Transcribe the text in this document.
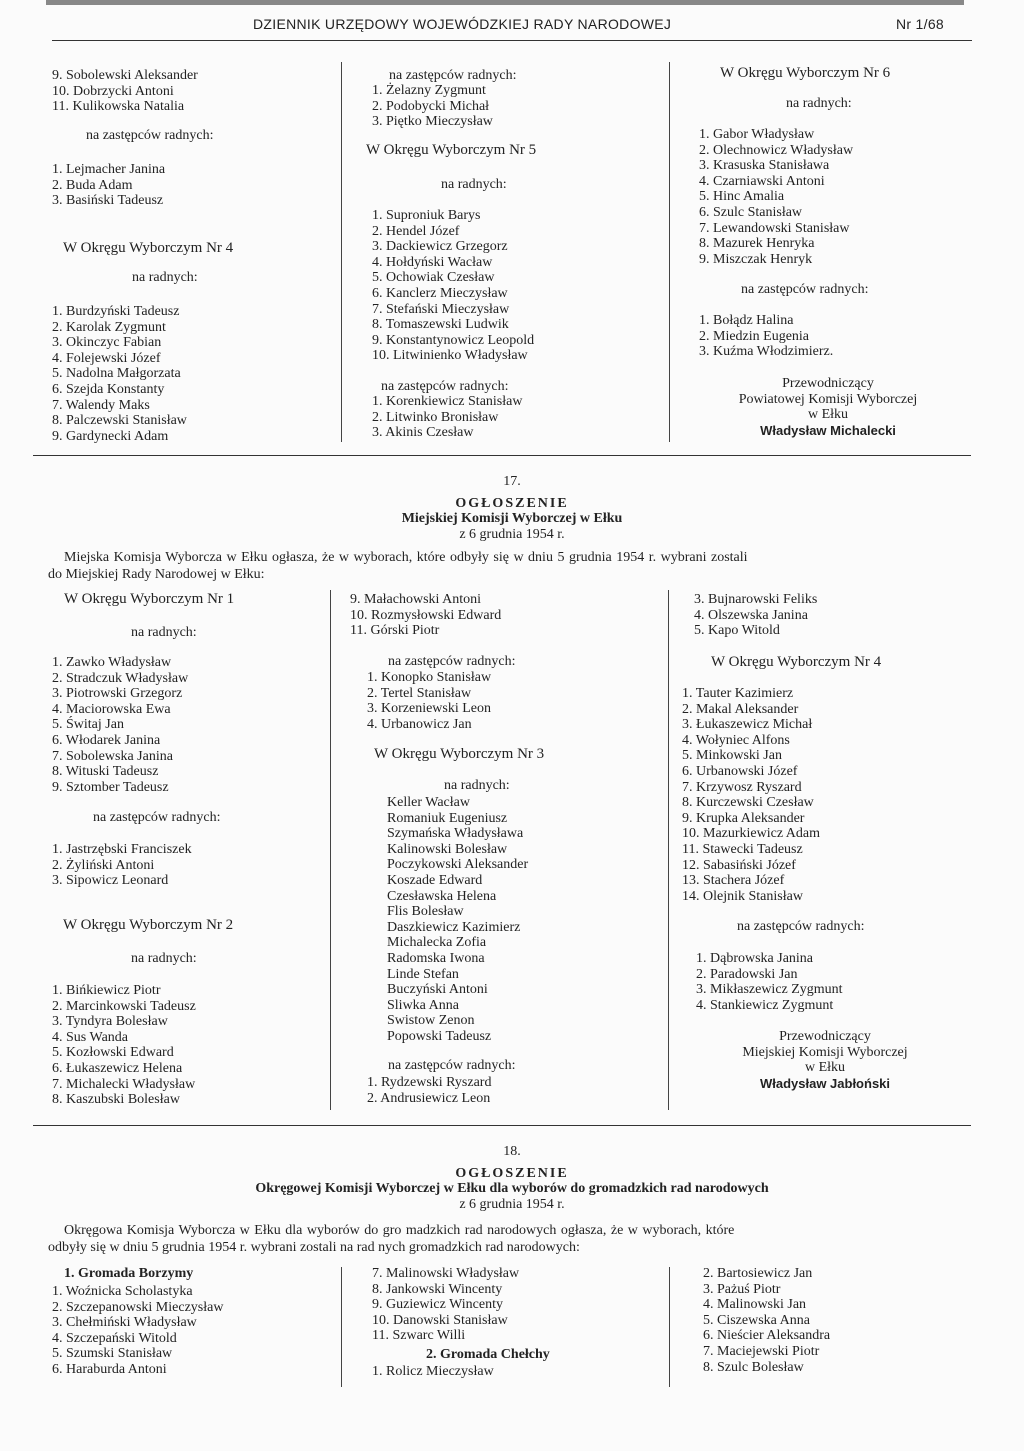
DZIENNIK URZĘDOWY WOJEWÓDZKIEJ RADY NARODOWEJ	Nr 1/68
9. Sobolewski Aleksander
10. Dobrzycki Antoni
11. Kulikowska Natalia
na zastępców radnych:
1. Lejmacher Janina
2. Buda Adam
3. Basiński Tadeusz
W Okręgu Wyborczym Nr 4
na radnych:
1. Burdzyński Tadeusz
2. Karolak Zygmunt
3. Okinczyc Fabian
4. Folejewski Józef
5. Nadolna Małgorzata
6. Szejda Konstanty
7. Walendy Maks
8. Palczewski Stanisław
9. Gardynecki Adam
na zastępców radnych:
1. Żelazny Zygmunt
2. Podobycki Michał
3. Piętko Mieczysław
W Okręgu Wyborczym Nr 5
na radnych:
1. Suproniuk Barys
2. Hendel Józef
3. Dackiewicz Grzegorz
4. Hołdyński Wacław
5. Ochowiak Czesław
6. Kanclerz Mieczysław
7. Stefański Mieczysław
8. Tomaszewski Ludwik
9. Konstantynowicz Leopold
10. Litwinienko Władysław
na zastępców radnych:
1. Korenkiewicz Stanisław
2. Litwinko Bronisław
3. Akinis Czesław
W Okręgu Wyborczym Nr 6
na radnych:
1. Gabor Władysław
2. Olechnowicz Władysław
3. Krasuska Stanisława
4. Czarniawski Antoni
5. Hinc Amalia
6. Szulc Stanisław
7. Lewandowski Stanisław
8. Mazurek Henryka
9. Miszczak Henryk
na zastępców radnych:
1. Bołądz Halina
2. Miedzin Eugenia
3. Kuźma Włodzimierz.
Przewodniczący
Powiatowej Komisji Wyborczej
w Ełku
Władysław Michalecki
17.
OGŁOSZENIE
Miejskiej Komisji Wyborczej w Ełku
z 6 grudnia 1954 r.
Miejska Komisja Wyborcza w Ełku ogłasza, że w wyborach, które odbyły się w dniu 5 grudnia 1954 r. wybrani zostali
do Miejskiej Rady Narodowej w Ełku:
W Okręgu Wyborczym Nr 1
na radnych:
1. Zawko Władysław
2. Stradczuk Władysław
3. Piotrowski Grzegorz
4. Maciorowska Ewa
5. Świtaj Jan
6. Włodarek Janina
7. Sobolewska Janina
8. Wituski Tadeusz
9. Sztomber Tadeusz
na zastępców radnych:
1. Jastrzębski Franciszek
2. Żyliński Antoni
3. Sipowicz Leonard
W Okręgu Wyborczym Nr 2
na radnych:
1. Bińkiewicz Piotr
2. Marcinkowski Tadeusz
3. Tyndyra Bolesław
4. Sus Wanda
5. Kozłowski Edward
6. Łukaszewicz Helena
7. Michalecki Władysław
8. Kaszubski Bolesław
9. Małachowski Antoni
10. Rozmysłowski Edward
11. Górski Piotr
na zastępców radnych:
1. Konopko Stanisław
2. Tertel Stanisław
3. Korzeniewski Leon
4. Urbanowicz Jan
W Okręgu Wyborczym Nr 3
na radnych:
Keller Wacław
Romaniuk Eugeniusz
Szymańska Władysława
Kalinowski Bolesław
Poczykowski Aleksander
Koszade Edward
Czesławska Helena
Flis Bolesław
Daszkiewicz Kazimierz
Michalecka Zofia
Radomska Iwona
Linde Stefan
Buczyński Antoni
Sliwka Anna
Swistow Zenon
Popowski Tadeusz
na zastępców radnych:
1. Rydzewski Ryszard
2. Andrusiewicz Leon
3. Bujnarowski Feliks
4. Olszewska Janina
5. Kapo Witold
W Okręgu Wyborczym Nr 4
1. Tauter Kazimierz
2. Makal Aleksander
3. Łukaszewicz Michał
4. Wołyniec Alfons
5. Minkowski Jan
6. Urbanowski Józef
7. Krzywosz Ryszard
8. Kurczewski Czesław
9. Krupka Aleksander
10. Mazurkiewicz Adam
11. Stawecki Tadeusz
12. Sabasiński Józef
13. Stachera Józef
14. Olejnik Stanisław
na zastępców radnych:
1. Dąbrowska Janina
2. Paradowski Jan
3. Mikłaszewicz Zygmunt
4. Stankiewicz Zygmunt
Przewodniczący
Miejskiej Komisji Wyborczej
w Ełku
Władysław Jabłoński
18.
OGŁOSZENIE
Okręgowej Komisji Wyborczej w Ełku dla wyborów do gromadzkich rad narodowych
z 6 grudnia 1954 r.
Okręgowa Komisja Wyborcza w Ełku dla wyborów do gro madzkich rad narodowych ogłasza, że w wyborach, które
odbyły się w dniu 5 grudnia 1954 r. wybrani zostali na rad nych gromadzkich rad narodowych:
1. Gromada Borzymy
1. Woźnicka Scholastyka
2. Szczepanowski Mieczysław
3. Chełmiński Władysław
4. Szczepański Witold
5. Szumski Stanisław
6. Haraburda Antoni
7. Malinowski Władysław
8. Jankowski Wincenty
9. Guziewicz Wincenty
10. Danowski Stanisław
11. Szwarc Willi
2. Gromada Chełchy
1. Rolicz Mieczysław
2. Bartosiewicz Jan
3. Pażuś Piotr
4. Malinowski Jan
5. Ciszewska Anna
6. Nieścier Aleksandra
7. Maciejewski Piotr
8. Szulc Bolesław
